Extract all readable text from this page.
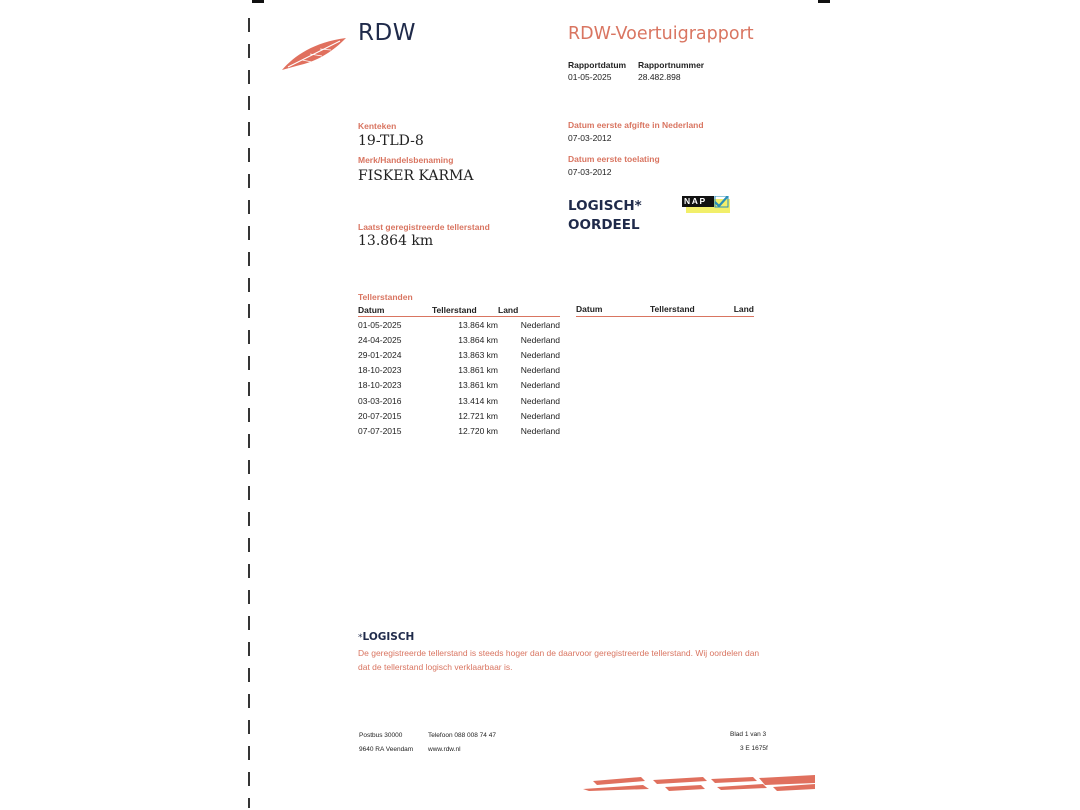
RDW	RDW-Voertuigrapport
Rapportdatum Rapportnummer
01-05-2025	28.482.898
Kenteken
19-TLD-8
Merk/Handelsbenaming
FISKER KARMA
Laatst geregistreerde tellerstand
13.864 km
Datum eerste afgifte in Nederland
07-03-2012
Datum eerste toelating
07-03-2012
LOGISCH*
OORDEEL
NAP
Tellerstanden
Datum	Tellerstand	Land
01-05-2025	13.864 km	Nederland
24-04-2025	13.864 km	Nederland
29-01-2024	13.863 km	Nederland
18-10-2023	13.861 km	Nederland
18-10-2023	13.861 km	Nederland
03-03-2016	13.414 km	Nederland
20-07-2015	12.721 km	Nederland
07-07-2015	12.720 km	Nederland
Datum	Tellerstand	Land
*LOGISCH
De geregistreerde tellerstand is steeds hoger dan de daarvoor geregistreerde tellerstand. Wij oordelen dan dat de tellerstand logisch verklaarbaar is.
Postbus 30000
9640 RA Veendam
Telefoon 088 008 74 47
www.rdw.nl
Blad 1 van 3
3 E 1675f
